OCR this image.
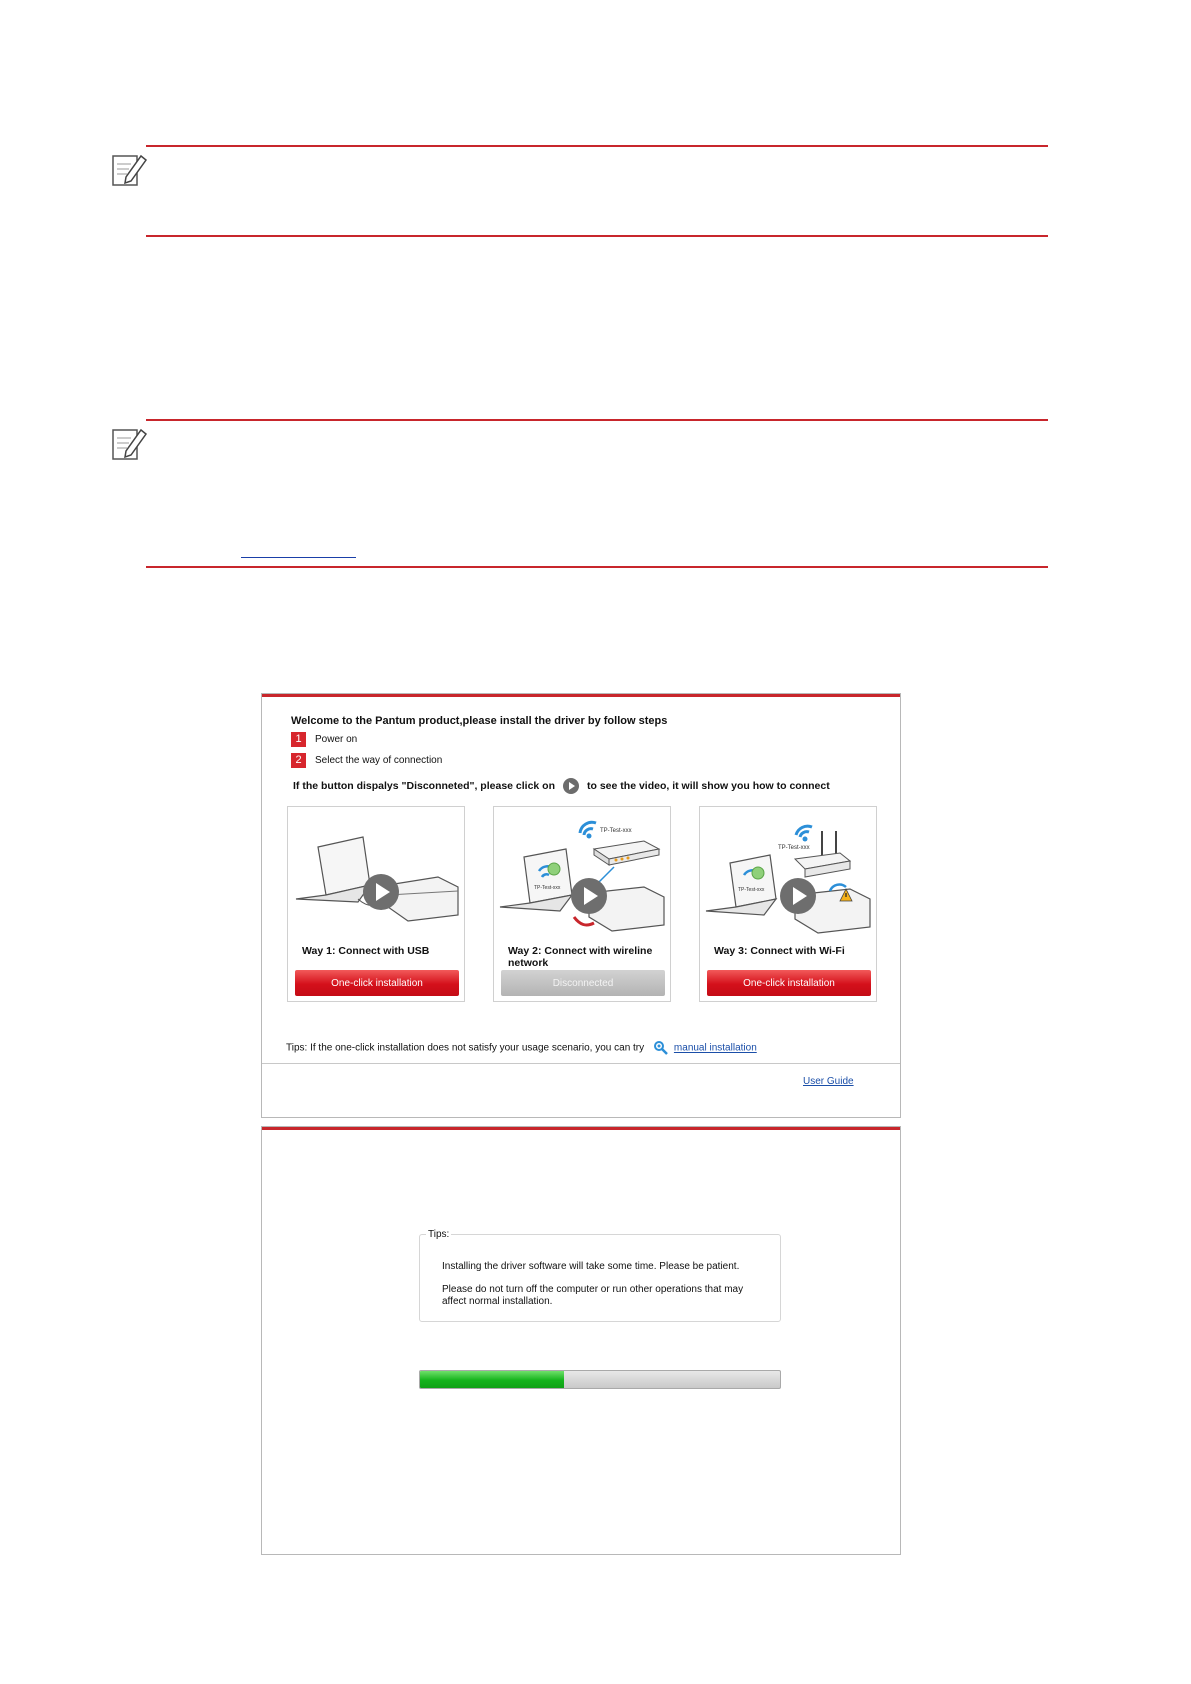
Welcome to the Pantum product,please install the driver by follow steps
1 Power on
2 Select the way of connection
If the button dispalys "Disconneted", please click on	to see the video, it will show you how to connect
Way 1: Connect with USB
One-click installation
TP-Test-xxx
TP-Test-xxx
Way 2: Connect with wireline network
Disconnected
TP-Test-xxx
TP-Test-xxx
Way 3: Connect with Wi-Fi
One-click installation
Tips: If the one-click installation does not satisfy your usage scenario, you can try	manual installation
User Guide
Tips:
Installing the driver software will take some time. Please be patient.
Please do not turn off the computer or run other operations that may affect normal installation.
